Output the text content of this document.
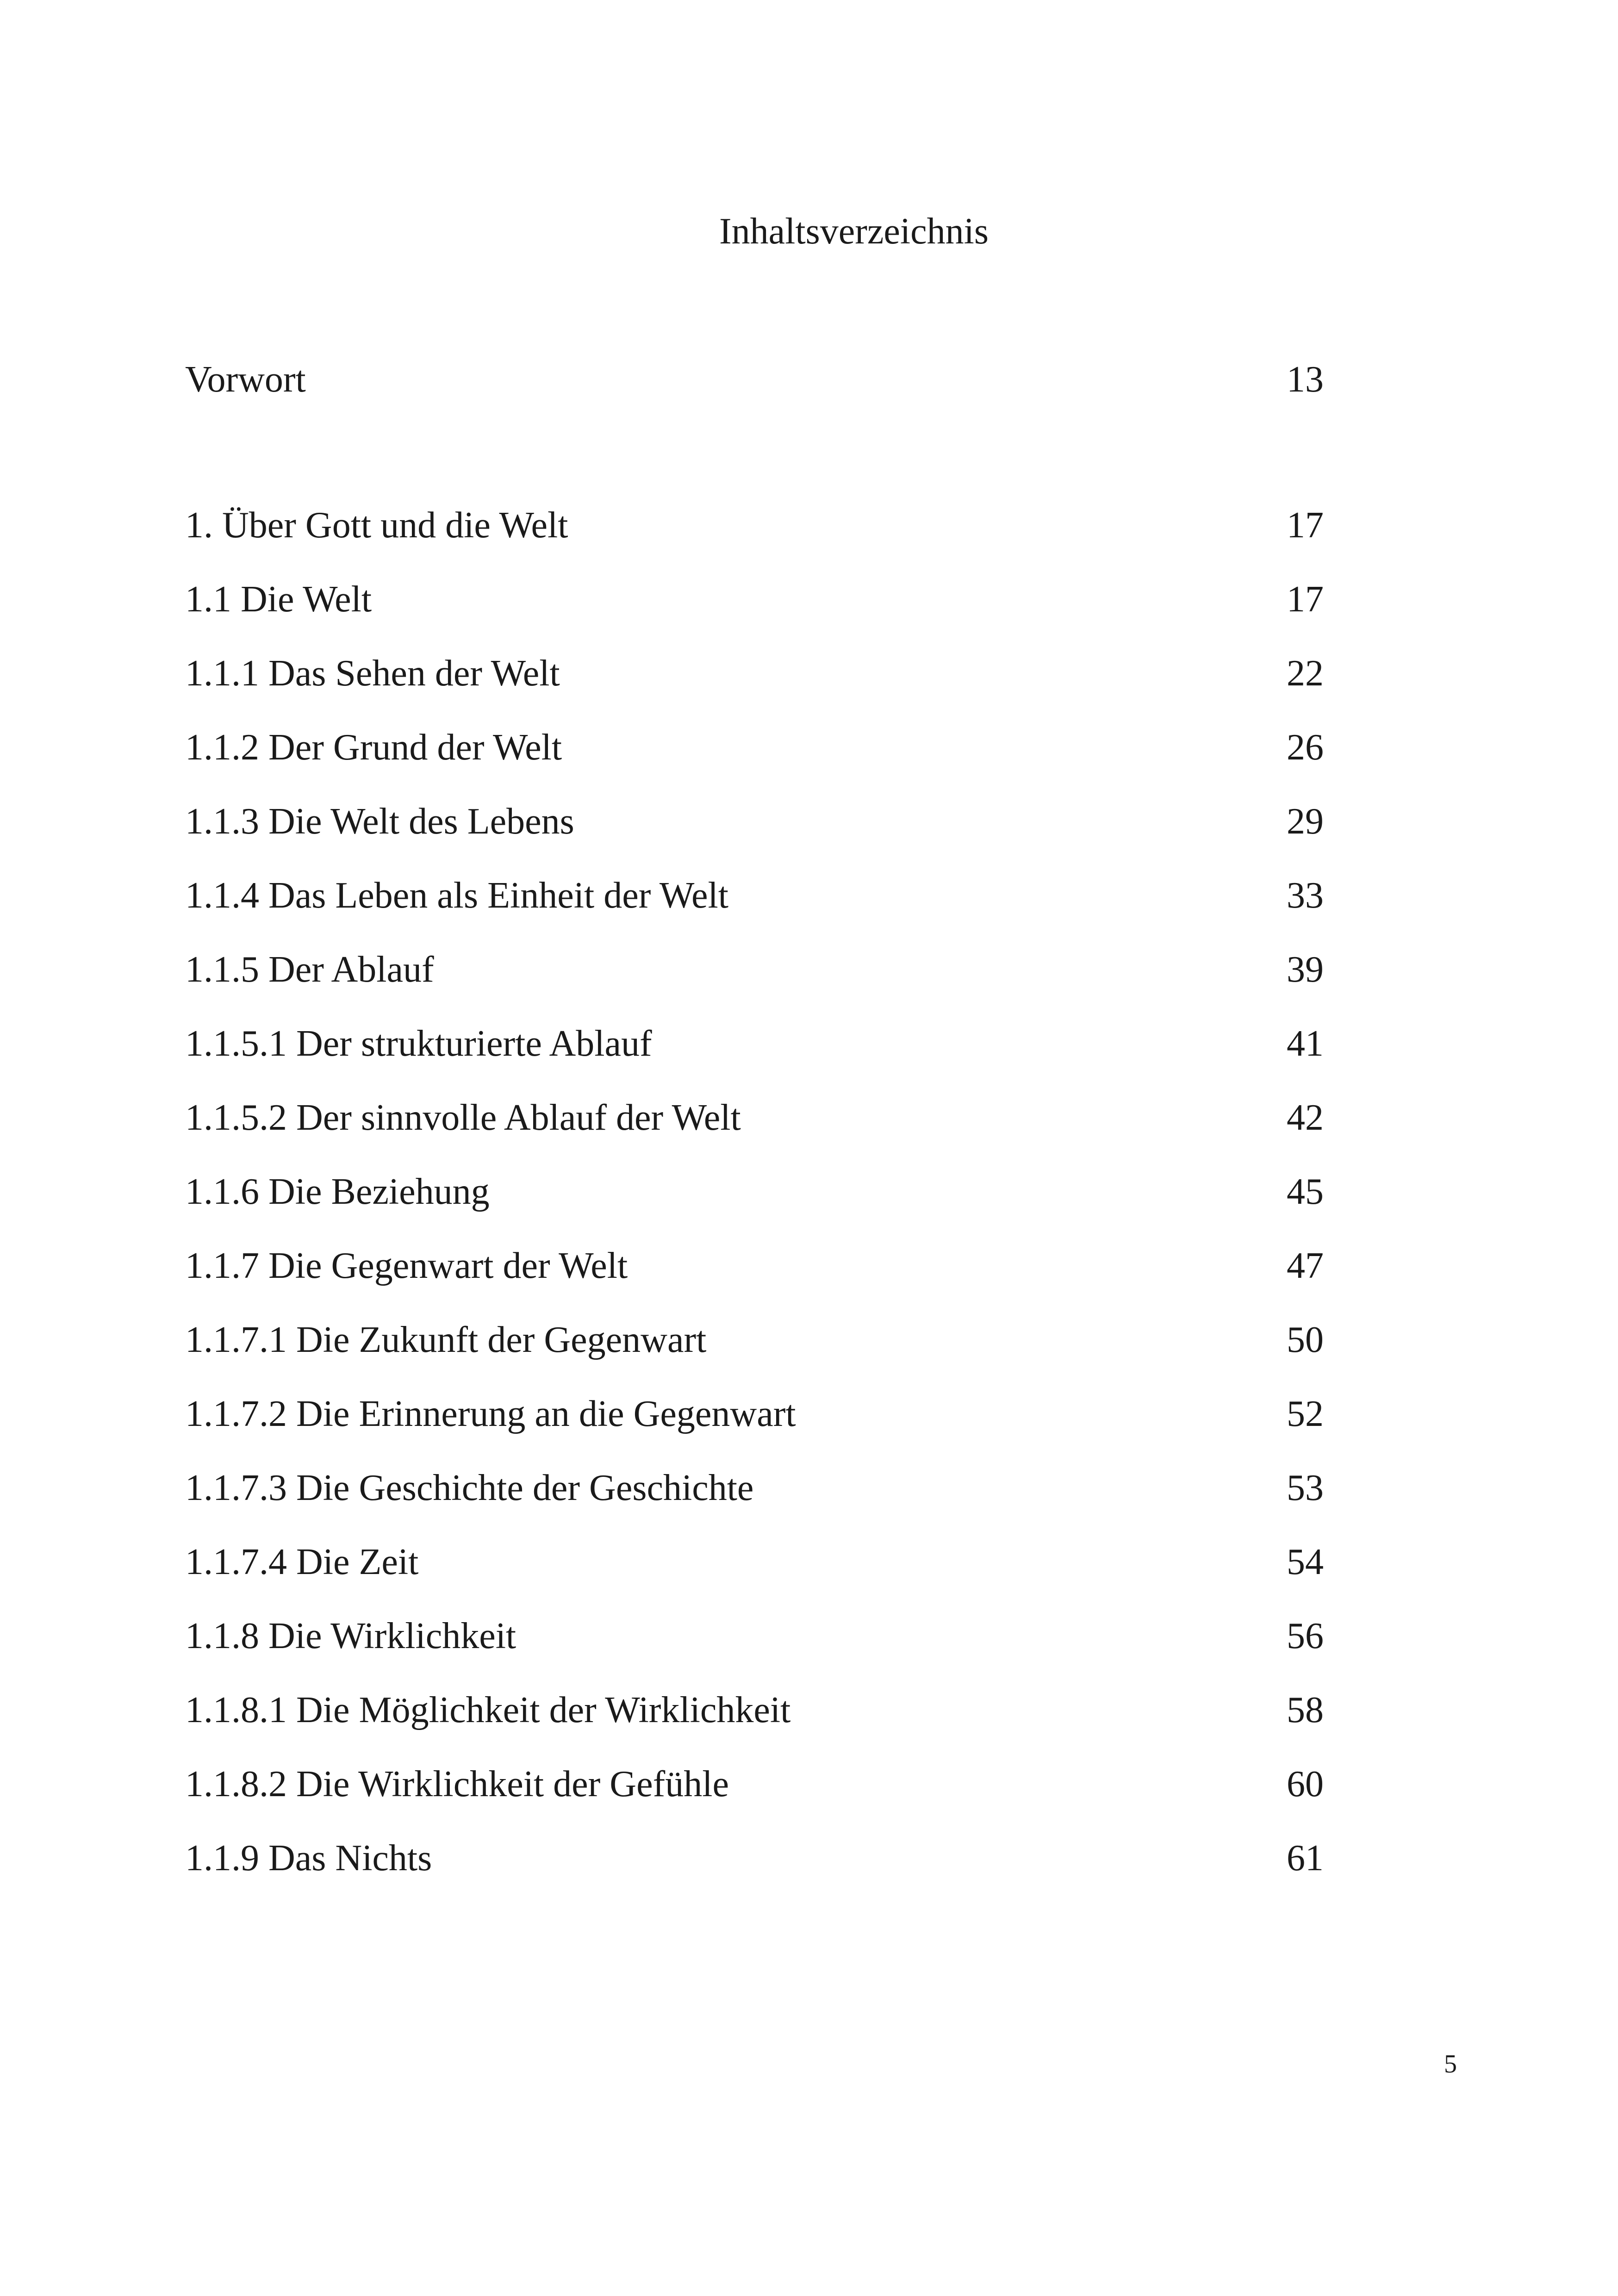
Inhaltsverzeichnis
Vorwort	13
1. Über Gott und die Welt	17
1.1 Die Welt	17
1.1.1 Das Sehen der Welt	22
1.1.2 Der Grund der Welt	26
1.1.3 Die Welt des Lebens	29
1.1.4 Das Leben als Einheit der Welt	33
1.1.5 Der Ablauf	39
1.1.5.1 Der strukturierte Ablauf	41
1.1.5.2 Der sinnvolle Ablauf der Welt	42
1.1.6 Die Beziehung	45
1.1.7 Die Gegenwart der Welt	47
1.1.7.1 Die Zukunft der Gegenwart	50
1.1.7.2 Die Erinnerung an die Gegenwart	52
1.1.7.3 Die Geschichte der Geschichte	53
1.1.7.4 Die Zeit	54
1.1.8 Die Wirklichkeit	56
1.1.8.1 Die Möglichkeit der Wirklichkeit	58
1.1.8.2 Die Wirklichkeit der Gefühle	60
1.1.9 Das Nichts	61
5
